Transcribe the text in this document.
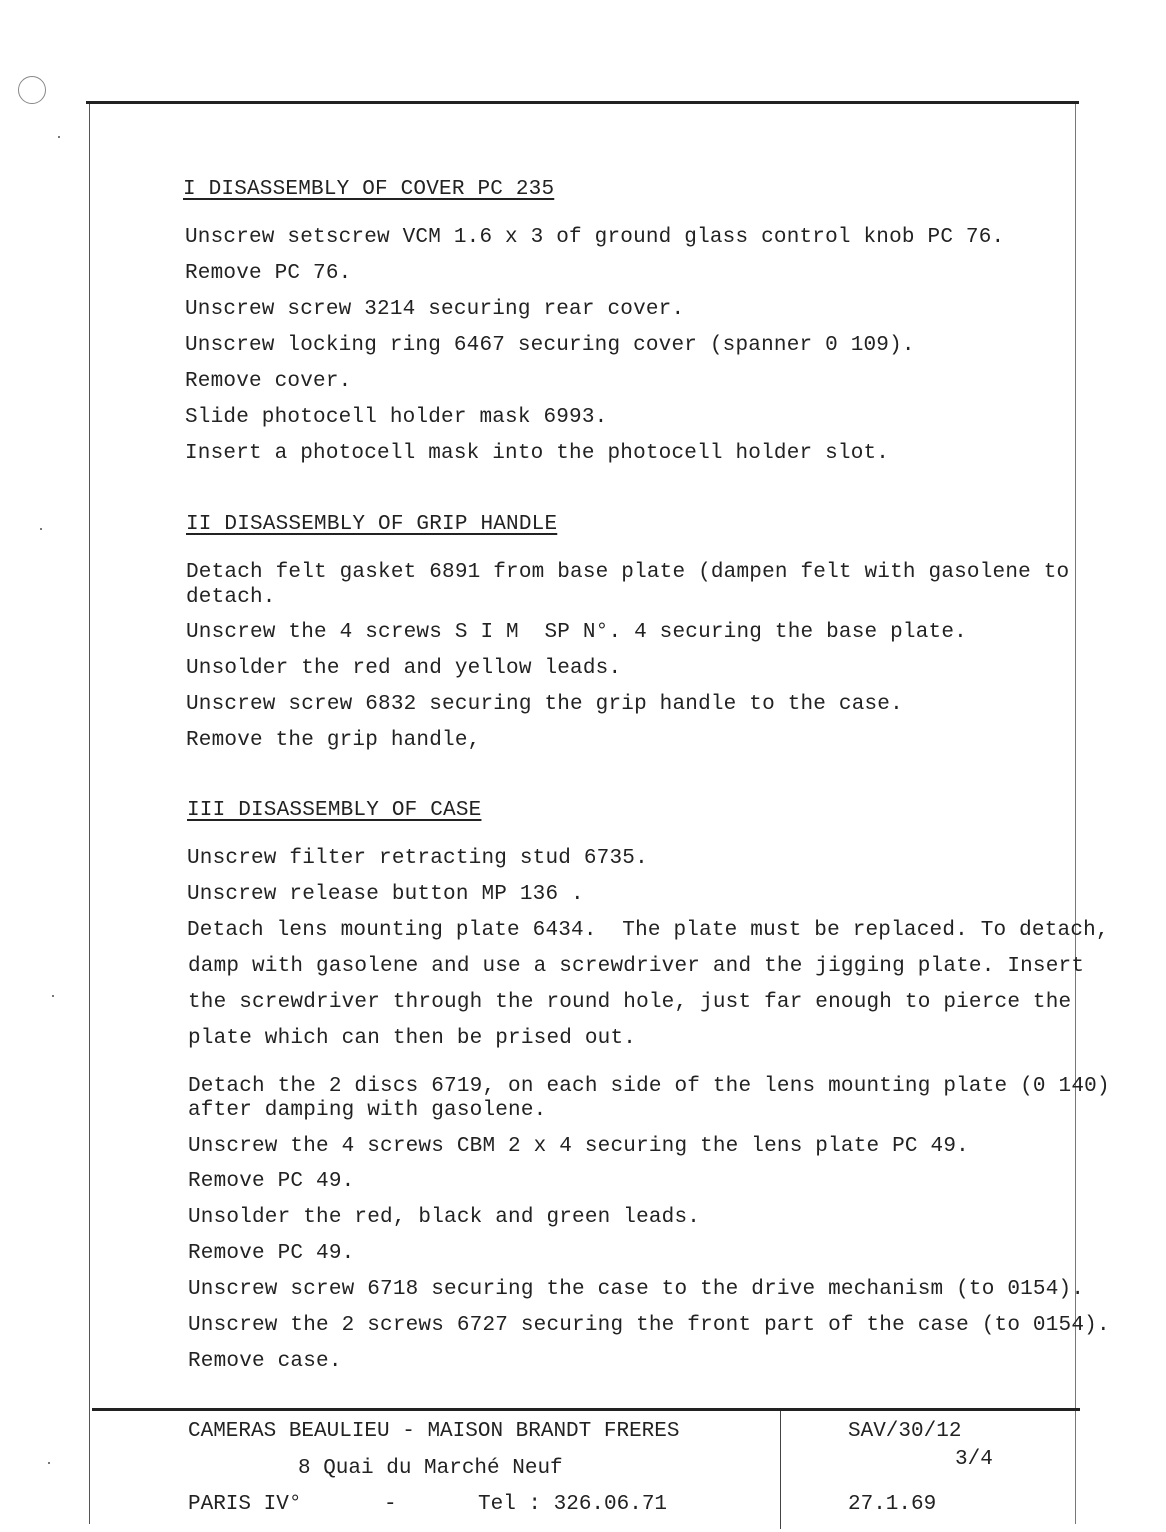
I DISASSEMBLY OF COVER PC 235
Unscrew setscrew VCM 1.6 x 3 of ground glass control knob PC 76.
Remove PC 76.
Unscrew screw 3214 securing rear cover.
Unscrew locking ring 6467 securing cover (spanner 0 109).
Remove cover.
Slide photocell holder mask 6993.
Insert a photocell mask into the photocell holder slot.
II DISASSEMBLY OF GRIP HANDLE
Detach felt gasket 6891 from base plate (dampen felt with gasolene to
detach.
Unscrew the 4 screws S I M  SP N°. 4 securing the base plate.
Unsolder the red and yellow leads.
Unscrew screw 6832 securing the grip handle to the case.
Remove the grip handle,
III DISASSEMBLY OF CASE
Unscrew filter retracting stud 6735.
Unscrew release button MP 136 .
Detach lens mounting plate 6434.  The plate must be replaced. To detach,
damp with gasolene and use a screwdriver and the jigging plate. Insert
the screwdriver through the round hole, just far enough to pierce the
plate which can then be prised out.
Detach the 2 discs 6719, on each side of the lens mounting plate (0 140)
after damping with gasolene.
Unscrew the 4 screws CBM 2 x 4 securing the lens plate PC 49.
Remove PC 49.
Unsolder the red, black and green leads.
Remove PC 49.
Unscrew screw 6718 securing the case to the drive mechanism (to 0154).
Unscrew the 2 screws 6727 securing the front part of the case (to 0154).
Remove case.
CAMERAS BEAULIEU - MAISON BRANDT FRERES
8 Quai du Marché Neuf
PARIS IV°	-	Tel : 326.06.71
SAV/30/12
3/4
27.1.69
